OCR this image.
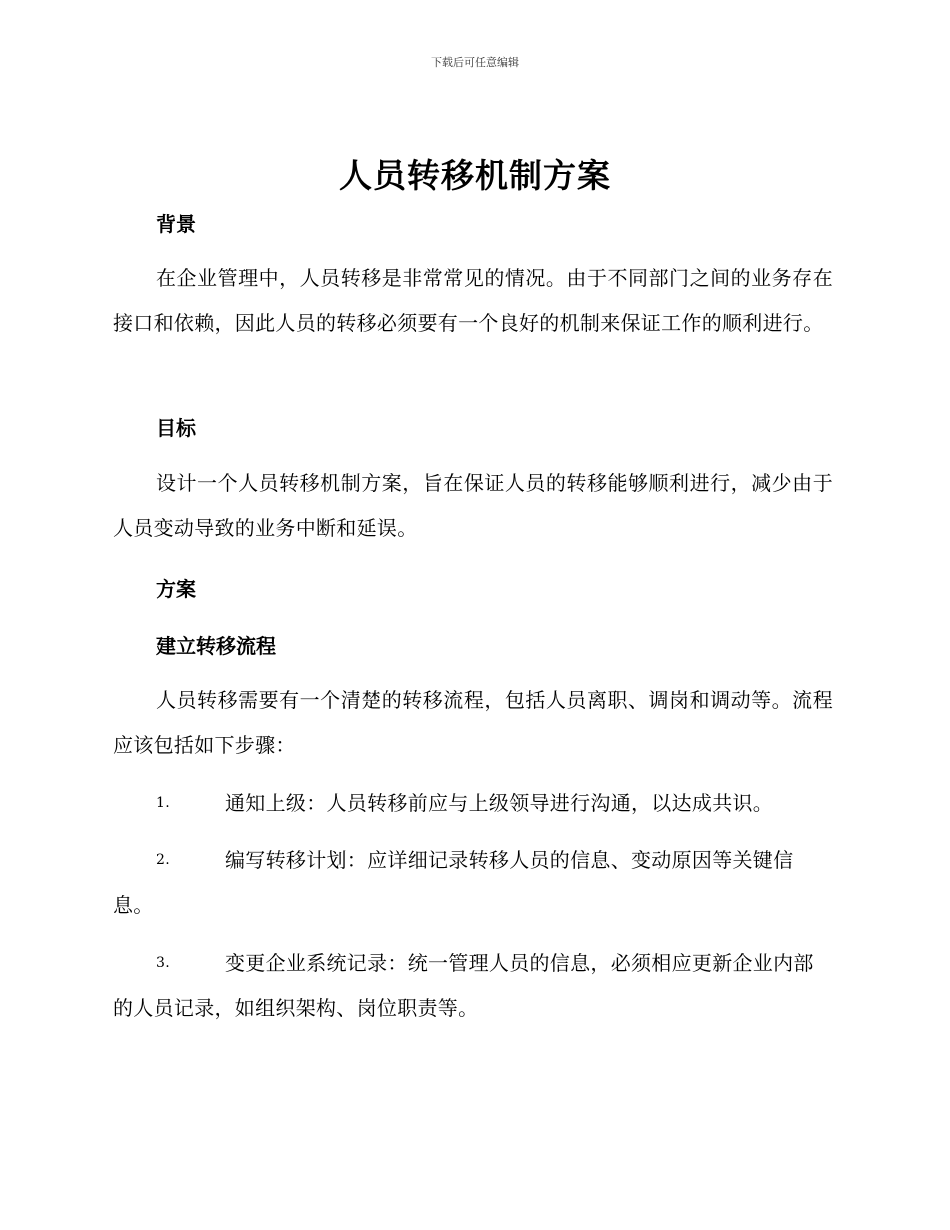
下载后可任意编辑
人员转移机制方案
背景

在企业管理中，人员转移是非常常见的情况。由于不同部门之间的业务存在接口和依赖，因此人员的转移必须要有一个良好的机制来保证工作的顺利进行。

目标

设计一个人员转移机制方案，旨在保证人员的转移能够顺利进行，减少由于人员变动导致的业务中断和延误。

方案
建立转移流程

人员转移需要有一个清楚的转移流程，包括人员离职、调岗和调动等。流程应该包括如下步骤：

1.	通知上级：人员转移前应与上级领导进行沟通，以达成共识。
2.	编写转移计划：应详细记录转移人员的信息、变动原因等关键信息。
3.	变更企业系统记录：统一管理人员的信息，必须相应更新企业内部的人员记录，如组织架构、岗位职责等。
